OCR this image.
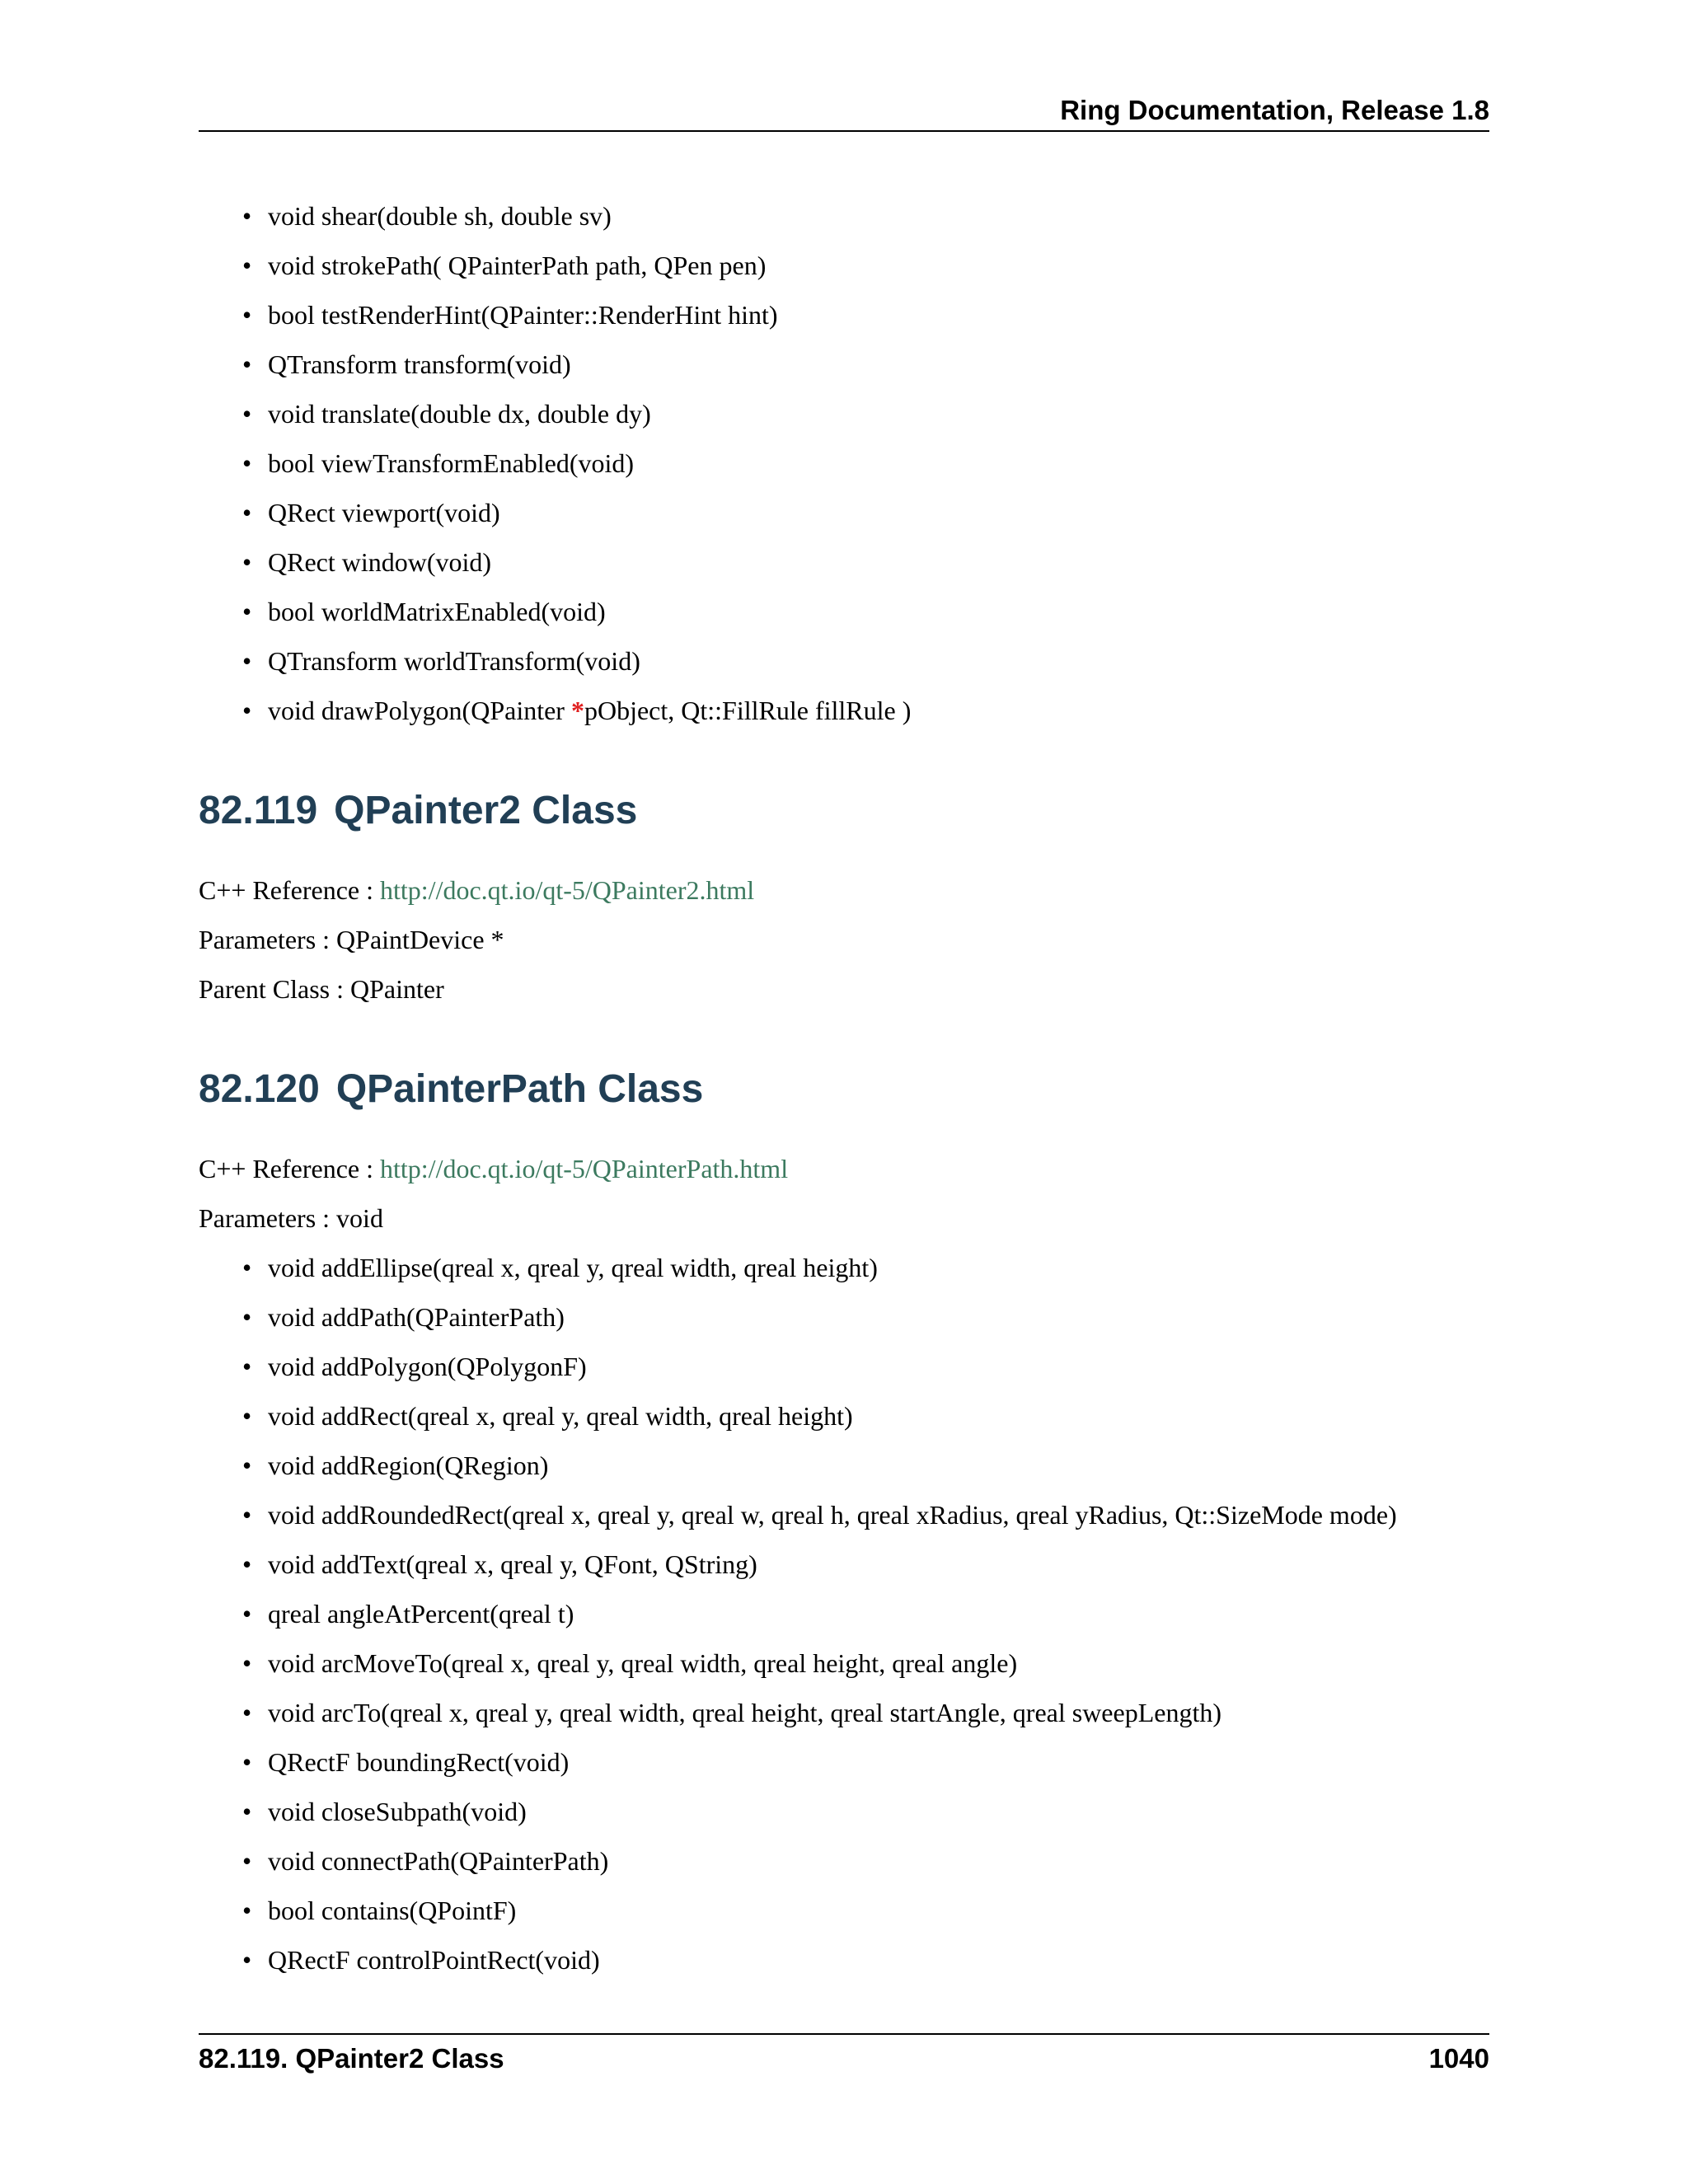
Ring Documentation, Release 1.8
• void shear(double sh, double sv)
• void strokePath( QPainterPath path, QPen pen)
• bool testRenderHint(QPainter::RenderHint hint)
• QTransform transform(void)
• void translate(double dx, double dy)
• bool viewTransformEnabled(void)
• QRect viewport(void)
• QRect window(void)
• bool worldMatrixEnabled(void)
• QTransform worldTransform(void)
• void drawPolygon(QPainter *pObject, Qt::FillRule fillRule )
82.119 QPainter2 Class

C++ Reference : http://doc.qt.io/qt-5/QPainter2.html

Parameters : QPaintDevice *

Parent Class : QPainter

82.120 QPainterPath Class

C++ Reference : http://doc.qt.io/qt-5/QPainterPath.html

Parameters : void

• void addEllipse(qreal x, qreal y, qreal width, qreal height)
• void addPath(QPainterPath)
• void addPolygon(QPolygonF)
• void addRect(qreal x, qreal y, qreal width, qreal height)
• void addRegion(QRegion)
• void addRoundedRect(qreal x, qreal y, qreal w, qreal h, qreal xRadius, qreal yRadius, Qt::SizeMode mode)
• void addText(qreal x, qreal y, QFont, QString)
• qreal angleAtPercent(qreal t)
• void arcMoveTo(qreal x, qreal y, qreal width, qreal height, qreal angle)
• void arcTo(qreal x, qreal y, qreal width, qreal height, qreal startAngle, qreal sweepLength)
• QRectF boundingRect(void)
• void closeSubpath(void)
• void connectPath(QPainterPath)
• bool contains(QPointF)
• QRectF controlPointRect(void)
82.119. QPainter2 Class	1040
